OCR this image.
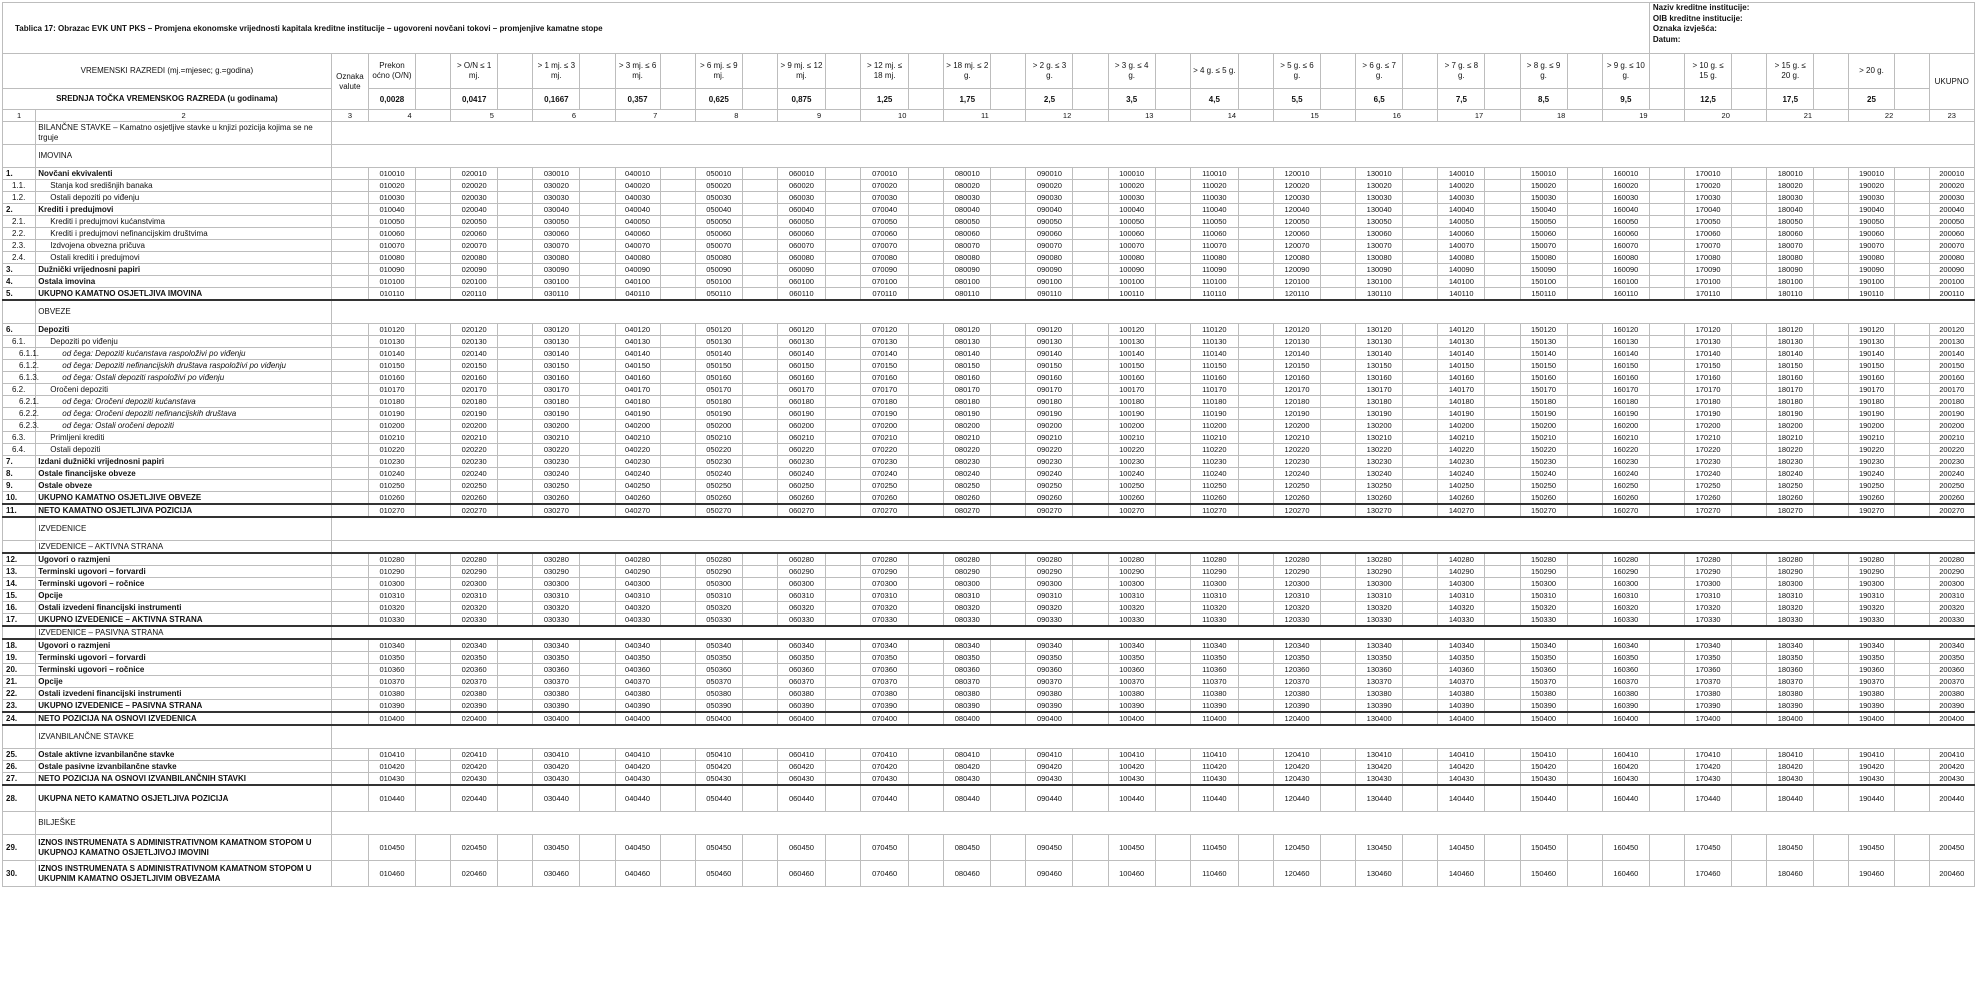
Tablica 17: Obrazac EVK UNT PKS – Promjena ekonomske vrijednosti kapitala kreditne institucije – ugovoreni novčani tokovi – promjenjive kamatne stope																																		Naziv kreditne institucije:
OIB kreditne institucije:
Oznaka izvješća:
Datum:							

VREMENSKI RAZREDI (mj.=mjesec; g.=godina)		Oznaka valute	Prekon oćno (O/N)		> O/N ≤ 1 mj.		> 1 mj. ≤ 3 mj.		> 3 mj. ≤ 6 mj.		> 6 mj. ≤ 9 mj.		> 9 mj. ≤ 12 mj.		> 12 mj. ≤ 18 mj.		> 18 mj. ≤ 2 g.		> 2 g. ≤ 3 g.		> 3 g. ≤ 4 g.		> 4 g. ≤ 5 g.		> 5 g. ≤ 6 g.		> 6 g. ≤ 7 g.		> 7 g. ≤ 8 g.		> 8 g. ≤ 9 g.		> 9 g. ≤ 10 g.		> 10 g. ≤ 15 g.		> 15 g. ≤ 20 g.		> 20 g.		UKUPNO
SREDNJA TOČKA VREMENSKOG RAZREDA (u godinama)			0,0028		0,0417		0,1667		0,357		0,625		0,875		1,25		1,75		2,5		3,5		4,5		5,5		6,5		7,5		8,5		9,5		12,5		17,5		25		
1	2	3	4		5		6		7		8		9		10		11		12		13		14		15		16		17		18		19		20		21		22		23
	BILANČNE STAVKE – Kamatno osjetljive stavke u knjizi pozicija kojima se ne trguje																																								
	IMOVINA																																								
1.	Novčani ekvivalenti		010010		020010		030010		040010		050010		060010		070010		080010		090010		100010		110010		120010		130010		140010		150010		160010		170010		180010		190010		200010
1.1.	Stanja kod središnjih banaka		010020		020020		030020		040020		050020		060020		070020		080020		090020		100020		110020		120020		130020		140020		150020		160020		170020		180020		190020		200020
1.2.	Ostali depoziti po viđenju		010030		020030		030030		040030		050030		060030		070030		080030		090030		100030		110030		120030		130030		140030		150030		160030		170030		180030		190030		200030
2.	Krediti i predujmovi		010040		020040		030040		040040		050040		060040		070040		080040		090040		100040		110040		120040		130040		140040		150040		160040		170040		180040		190040		200040
2.1.	Krediti i predujmovi kućanstvima		010050		020050		030050		040050		050050		060050		070050		080050		090050		100050		110050		120050		130050		140050		150050		160050		170050		180050		190050		200050
2.2.	Krediti i predujmovi nefinancijskim društvima		010060		020060		030060		040060		050060		060060		070060		080060		090060		100060		110060		120060		130060		140060		150060		160060		170060		180060		190060		200060
2.3.	Izdvojena obvezna pričuva		010070		020070		030070		040070		050070		060070		070070		080070		090070		100070		110070		120070		130070		140070		150070		160070		170070		180070		190070		200070
2.4.	Ostali krediti i predujmovi		010080		020080		030080		040080		050080		060080		070080		080080		090080		100080		110080		120080		130080		140080		150080		160080		170080		180080		190080		200080
3.	Dužnički vrijednosni papiri		010090		020090		030090		040090		050090		060090		070090		080090		090090		100090		110090		120090		130090		140090		150090		160090		170090		180090		190090		200090
4.	Ostala imovina		010100		020100		030100		040100		050100		060100		070100		080100		090100		100100		110100		120100		130100		140100		150100		160100		170100		180100		190100		200100
5.	UKUPNO KAMATNO OSJETLJIVA IMOVINA		010110		020110		030110		040110		050110		060110		070110		080110		090110		100110		110110		120110		130110		140110		150110		160110		170110		180110		190110		200110
	OBVEZE																																								
6.	Depoziti		010120		020120		030120		040120		050120		060120		070120		080120		090120		100120		110120		120120		130120		140120		150120		160120		170120		180120		190120		200120
6.1.	Depoziti po viđenju		010130		020130		030130		040130		050130		060130		070130		080130		090130		100130		110130		120130		130130		140130		150130		160130		170130		180130		190130		200130
6.1.1.	od čega: Depoziti kućanstava raspoloživi po viđenju		010140		020140		030140		040140		050140		060140		070140		080140		090140		100140		110140		120140		130140		140140		150140		160140		170140		180140		190140		200140
6.1.2.	od čega: Depoziti nefinancijskih društava raspoloživi po viđenju		010150		020150		030150		040150		050150		060150		070150		080150		090150		100150		110150		120150		130150		140150		150150		160150		170150		180150		190150		200150
6.1.3.	od čega: Ostali depoziti raspoloživi po viđenju		010160		020160		030160		040160		050160		060160		070160		080160		090160		100160		110160		120160		130160		140160		150160		160160		170160		180160		190160		200160
6.2.	Oročeni depoziti		010170		020170		030170		040170		050170		060170		070170		080170		090170		100170		110170		120170		130170		140170		150170		160170		170170		180170		190170		200170
6.2.1.	od čega: Oročeni depoziti kućanstava		010180		020180		030180		040180		050180		060180		070180		080180		090180		100180		110180		120180		130180		140180		150180		160180		170180		180180		190180		200180
6.2.2.	od čega: Oročeni depoziti nefinancijskih društava		010190		020190		030190		040190		050190		060190		070190		080190		090190		100190		110190		120190		130190		140190		150190		160190		170190		180190		190190		200190
6.2.3.	od čega: Ostali oročeni depoziti		010200		020200		030200		040200		050200		060200		070200		080200		090200		100200		110200		120200		130200		140200		150200		160200		170200		180200		190200		200200
6.3.	Primljeni krediti		010210		020210		030210		040210		050210		060210		070210		080210		090210		100210		110210		120210		130210		140210		150210		160210		170210		180210		190210		200210
6.4.	Ostali depoziti		010220		020220		030220		040220		050220		060220		070220		080220		090220		100220		110220		120220		130220		140220		150220		160220		170220		180220		190220		200220
7.	Izdani dužnički vrijednosni papiri		010230		020230		030230		040230		050230		060230		070230		080230		090230		100230		110230		120230		130230		140230		150230		160230		170230		180230		190230		200230
8.	Ostale financijske obveze		010240		020240		030240		040240		050240		060240		070240		080240		090240		100240		110240		120240		130240		140240		150240		160240		170240		180240		190240		200240
9.	Ostale obveze		010250		020250		030250		040250		050250		060250		070250		080250		090250		100250		110250		120250		130250		140250		150250		160250		170250		180250		190250		200250
10.	UKUPNO KAMATNO OSJETLJIVE OBVEZE		010260		020260		030260		040260		050260		060260		070260		080260		090260		100260		110260		120260		130260		140260		150260		160260		170260		180260		190260		200260
11.	NETO KAMATNO OSJETLJIVA POZICIJA		010270		020270		030270		040270		050270		060270		070270		080270		090270		100270		110270		120270		130270		140270		150270		160270		170270		180270		190270		200270
	IZVEDENICE																																								
	IZVEDENICE – AKTIVNA STRANA																																								
12.	Ugovori o razmjeni		010280		020280		030280		040280		050280		060280		070280		080280		090280		100280		110280		120280		130280		140280		150280		160280		170280		180280		190280		200280
13.	Terminski ugovori – forvardi		010290		020290		030290		040290		050290		060290		070290		080290		090290		100290		110290		120290		130290		140290		150290		160290		170290		180290		190290		200290
14.	Terminski ugovori – ročnice		010300		020300		030300		040300		050300		060300		070300		080300		090300		100300		110300		120300		130300		140300		150300		160300		170300		180300		190300		200300
15.	Opcije		010310		020310		030310		040310		050310		060310		070310		080310		090310		100310		110310		120310		130310		140310		150310		160310		170310		180310		190310		200310
16.	Ostali izvedeni financijski instrumenti		010320		020320		030320		040320		050320		060320		070320		080320		090320		100320		110320		120320		130320		140320		150320		160320		170320		180320		190320		200320
17.	UKUPNO IZVEDENICE – AKTIVNA STRANA		010330		020330		030330		040330		050330		060330		070330		080330		090330		100330		110330		120330		130330		140330		150330		160330		170330		180330		190330		200330
	IZVEDENICE – PASIVNA STRANA																																								
18.	Ugovori o razmjeni		010340		020340		030340		040340		050340		060340		070340		080340		090340		100340		110340		120340		130340		140340		150340		160340		170340		180340		190340		200340
19.	Terminski ugovori – forvardi		010350		020350		030350		040350		050350		060350		070350		080350		090350		100350		110350		120350		130350		140350		150350		160350		170350		180350		190350		200350
20.	Terminski ugovori – ročnice		010360		020360		030360		040360		050360		060360		070360		080360		090360		100360		110360		120360		130360		140360		150360		160360		170360		180360		190360		200360
21.	Opcije		010370		020370		030370		040370		050370		060370		070370		080370		090370		100370		110370		120370		130370		140370		150370		160370		170370		180370		190370		200370
22.	Ostali izvedeni financijski instrumenti		010380		020380		030380		040380		050380		060380		070380		080380		090380		100380		110380		120380		130380		140380		150380		160380		170380		180380		190380		200380
23.	UKUPNO IZVEDENICE – PASIVNA STRANA		010390		020390		030390		040390		050390		060390		070390		080390		090390		100390		110390		120390		130390		140390		150390		160390		170390		180390		190390		200390
24.	NETO POZICIJA NA OSNOVI IZVEDENICA		010400		020400		030400		040400		050400		060400		070400		080400		090400		100400		110400		120400		130400		140400		150400		160400		170400		180400		190400		200400
	IZVANBILANČNE STAVKE																																								
25.	Ostale aktivne izvanbilančne stavke		010410		020410		030410		040410		050410		060410		070410		080410		090410		100410		110410		120410		130410		140410		150410		160410		170410		180410		190410		200410
26.	Ostale pasivne izvanbilančne stavke		010420		020420		030420		040420		050420		060420		070420		080420		090420		100420		110420		120420		130420		140420		150420		160420		170420		180420		190420		200420
27.	NETO POZICIJA NA OSNOVI IZVANBILANČNIH STAVKI		010430		020430		030430		040430		050430		060430		070430		080430		090430		100430		110430		120430		130430		140430		150430		160430		170430		180430		190430		200430
28.	UKUPNA NETO KAMATNO OSJETLJIVA POZICIJA		010440		020440		030440		040440		050440		060440		070440		080440		090440		100440		110440		120440		130440		140440		150440		160440		170440		180440		190440		200440
	BILJEŠKE																																								
29.	IZNOS INSTRUMENATA S ADMINISTRATIVNOM KAMATNOM STOPOM U UKUPNOJ KAMATNO OSJETLJIVOJ IMOVINI		010450		020450		030450		040450		050450		060450		070450		080450		090450		100450		110450		120450		130450		140450		150450		160450		170450		180450		190450		200450
30.	IZNOS INSTRUMENATA S ADMINISTRATIVNOM KAMATNOM STOPOM U UKUPNIM KAMATNO OSJETLJIVIM OBVEZAMA		010460		020460		030460		040460		050460		060460		070460		080460		090460		100460		110460		120460		130460		140460		150460		160460		170460		180460		190460		200460
